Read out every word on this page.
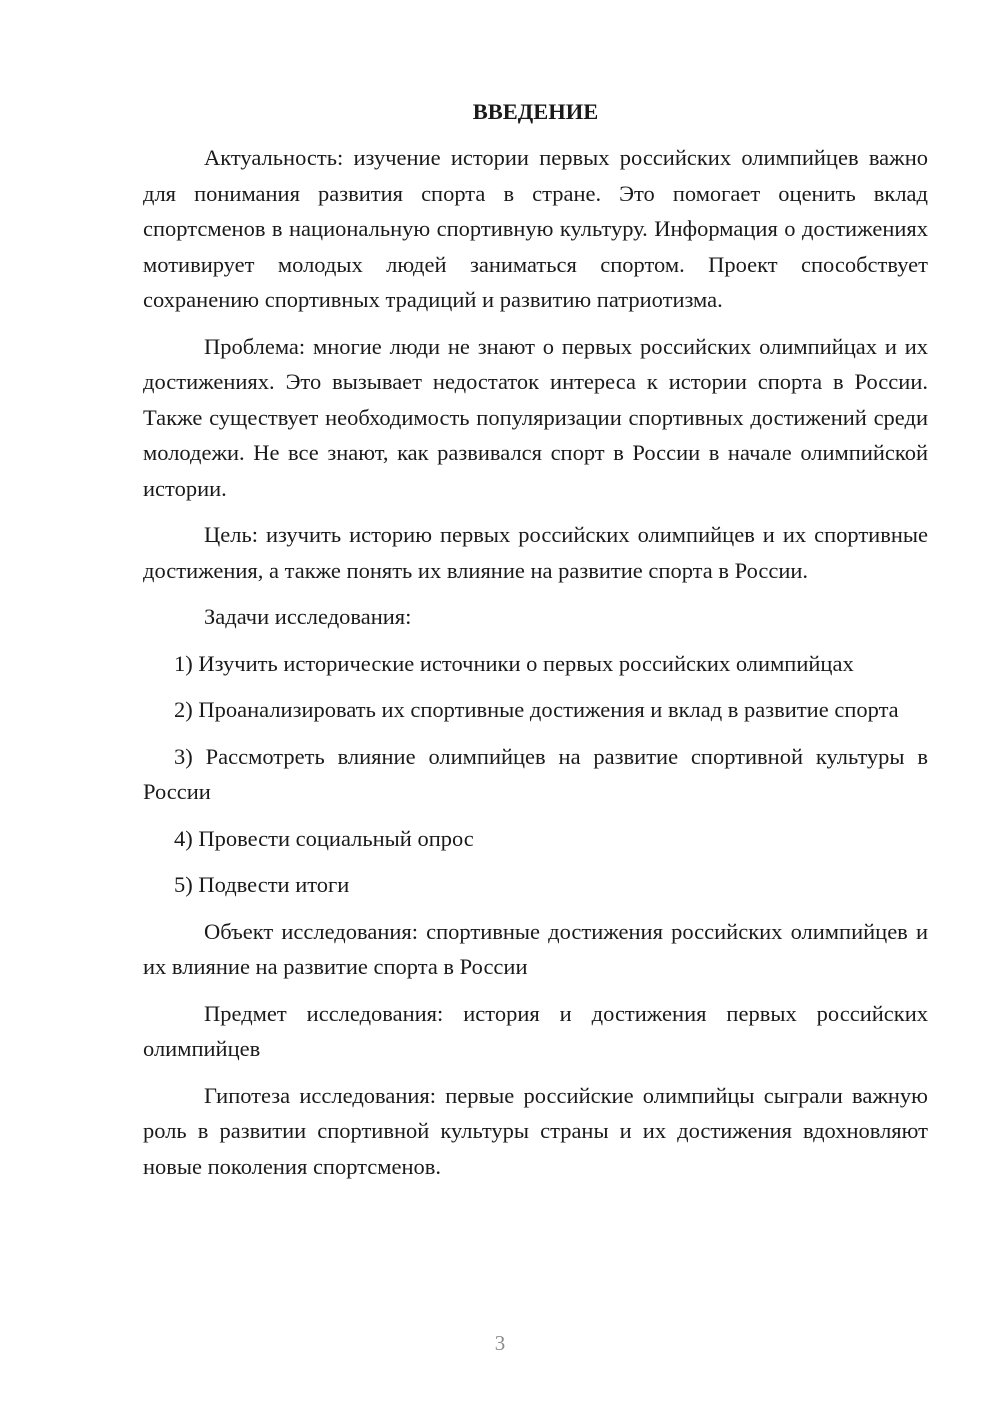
ВВЕДЕНИЕ

Актуальность: изучение истории первых российских олимпийцев важно для понимания развития спорта в стране. Это помогает оценить вклад спортсменов в национальную спортивную культуру. Информация о достижениях мотивирует молодых людей заниматься спортом. Проект способствует сохранению спортивных традиций и развитию патриотизма.

Проблема: многие люди не знают о первых российских олимпийцах и их достижениях. Это вызывает недостаток интереса к истории спорта в России. Также существует необходимость популяризации спортивных достижений среди молодежи. Не все знают, как развивался спорт в России в начале олимпийской истории.

Цель: изучить историю первых российских олимпийцев и их спортивные достижения, а также понять их влияние на развитие спорта в России.

Задачи исследования:

1) Изучить исторические источники о первых российских олимпийцах

2) Проанализировать их спортивные достижения и вклад в развитие спорта

3) Рассмотреть влияние олимпийцев на развитие спортивной культуры в России

4) Провести социальный опрос

5) Подвести итоги

Объект исследования: спортивные достижения российских олимпийцев и их влияние на развитие спорта в России

Предмет исследования: история и достижения первых российских олимпийцев

Гипотеза исследования: первые российские олимпийцы сыграли важную роль в развитии спортивной культуры страны и их достижения вдохновляют новые поколения спортсменов.

3
